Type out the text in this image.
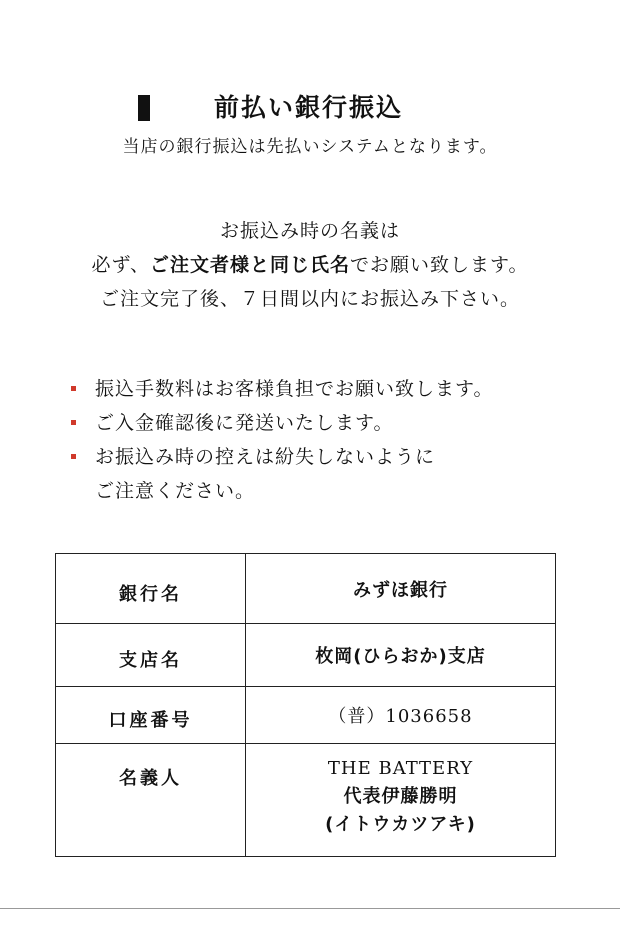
前払い銀行振込
当店の銀行振込は先払いシステムとなります。
お振込み時の名義は
必ず、ご注文者様と同じ氏名でお願い致します。
ご注文完了後、７日間以内にお振込み下さい。
振込手数料はお客様負担でお願い致します。
ご入金確認後に発送いたします。
お振込み時の控えは紛失しないように
ご注意ください。
銀行名	みずほ銀行
支店名	枚岡(ひらおか)支店
口座番号	（普）1036658
名義人	THE BATTERY
代表伊藤勝明
(イトウカツアキ)
